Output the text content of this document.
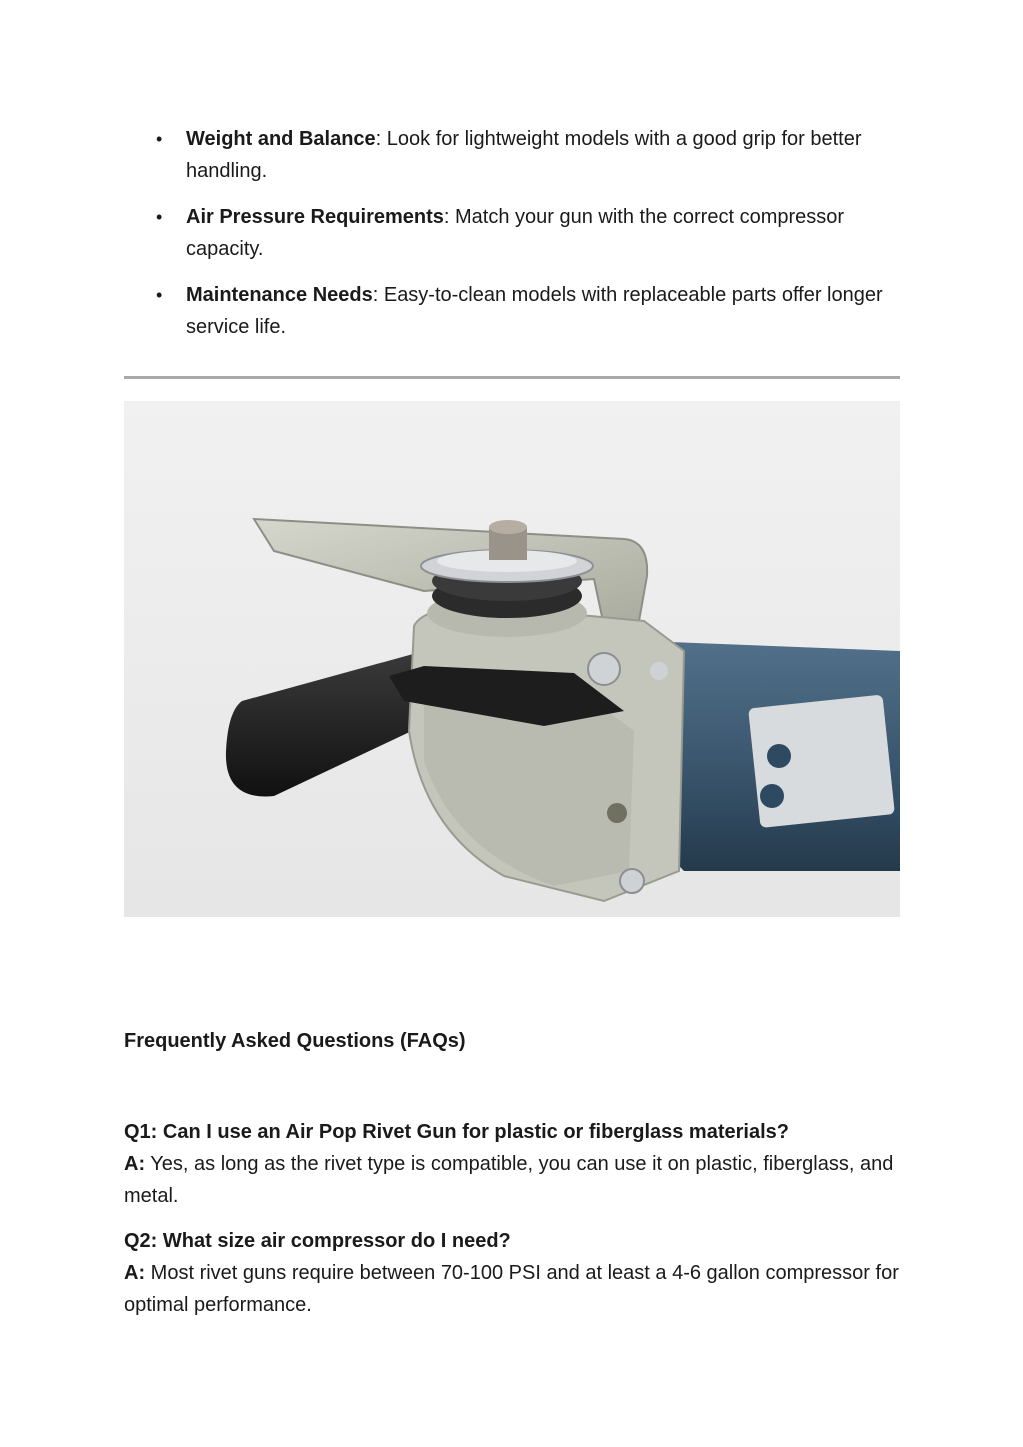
• Weight and Balance: Look for lightweight models with a good grip for better handling.
• Air Pressure Requirements: Match your gun with the correct compressor capacity.
• Maintenance Needs: Easy-to-clean models with replaceable parts offer longer service life.
Frequently Asked Questions (FAQs)
Q1: Can I use an Air Pop Rivet Gun for plastic or fiberglass materials?
A: Yes, as long as the rivet type is compatible, you can use it on plastic, fiberglass, and metal.
Q2: What size air compressor do I need?
A: Most rivet guns require between 70-100 PSI and at least a 4-6 gallon compressor for optimal performance.
